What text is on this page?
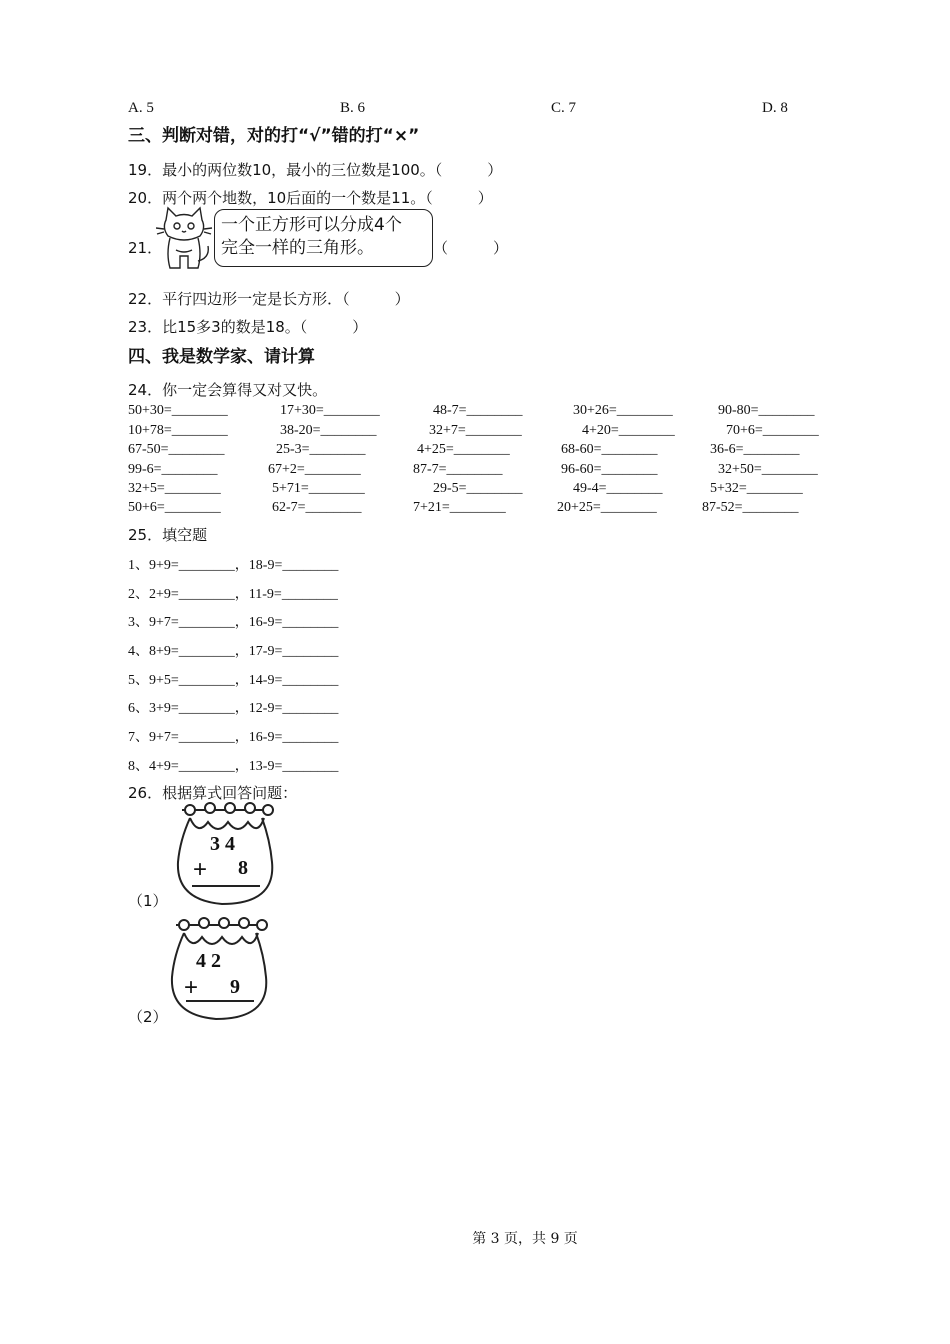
A. 5	B. 6	C. 7	D. 8
三、判断对错，对的打“√”错的打“×”
19．最小的两位数10，最小的三位数是100。（　　　）
20．两个两个地数，10后面的一个数是11。（　　　）
21．
一个正方形可以分成4个
完全一样的三角形。	（　　　）
22．平行四边形一定是长方形．（　　　）
23．比15多3的数是18。（　　　）
四、我是数学家、请计算
24．你一定会算得又对又快。
50+30=________	17+30=________	48-7=________	30+26=________	90-80=________
10+78=________	38-20=________	32+7=________	4+20=________	70+6=________
67-50=________	25-3=________	4+25=________	68-60=________	36-6=________
99-6=________	67+2=________	87-7=________	96-60=________	32+50=________
32+5=________	5+71=________	29-5=________	49-4=________	5+32=________
50+6=________	62-7=________	7+21=________	20+25=________	87-52=________
25．填空题
1、9+9=________，18-9=________
2、2+9=________，11-9=________
3、9+7=________，16-9=________
4、8+9=________，17-9=________
5、9+5=________，14-9=________
6、3+9=________，12-9=________
7、9+7=________，16-9=________
8、4+9=________，13-9=________
26．根据算式回答问题：
3 4
+ 8
（1）
4 2
+ 9
（2）
第 3 页，共 9 页
